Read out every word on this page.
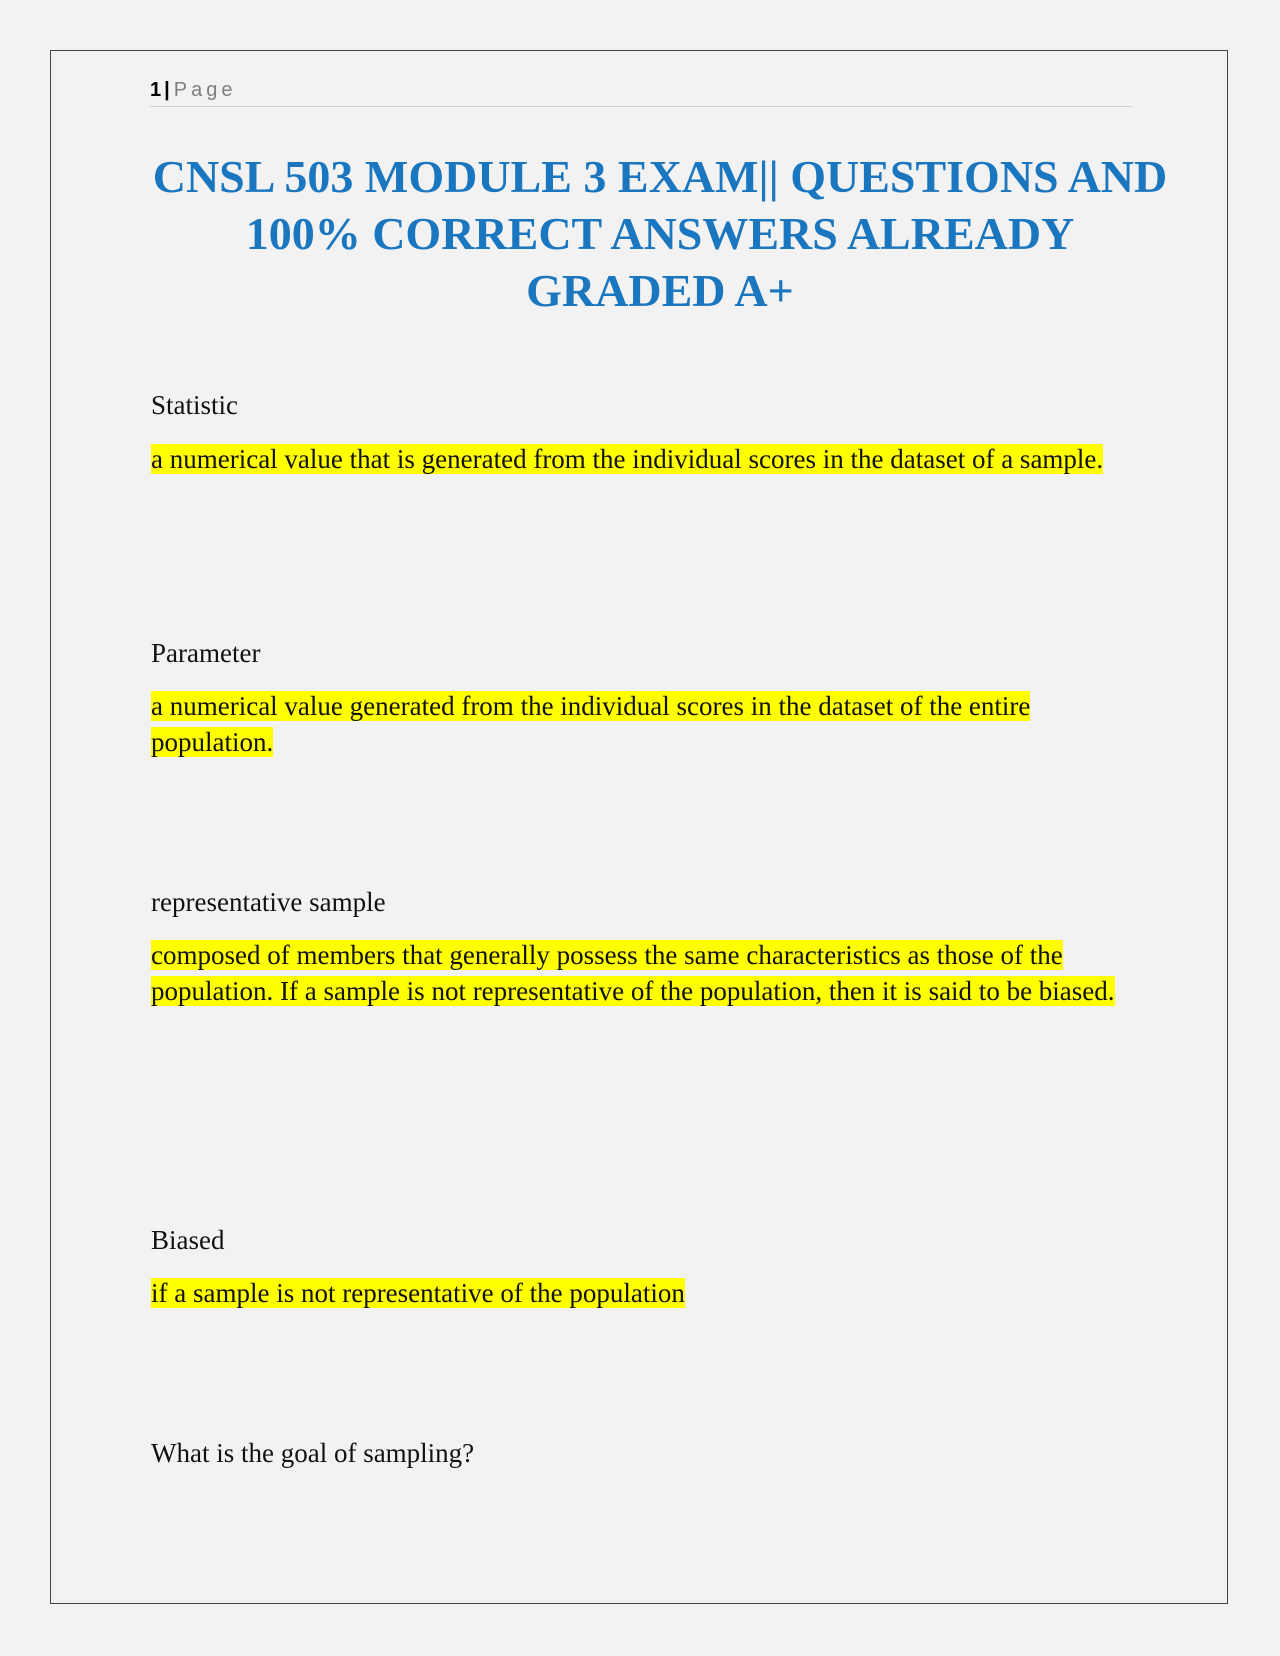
1 | Page
CNSL 503 MODULE 3 EXAM|| QUESTIONS AND 100% CORRECT ANSWERS ALREADY GRADED A+

Statistic

a numerical value that is generated from the individual scores in the dataset of a sample.

Parameter

a numerical value generated from the individual scores in the dataset of the entire population.

representative sample

composed of members that generally possess the same characteristics as those of the population. If a sample is not representative of the population, then it is said to be biased.

Biased

if a sample is not representative of the population

What is the goal of sampling?
